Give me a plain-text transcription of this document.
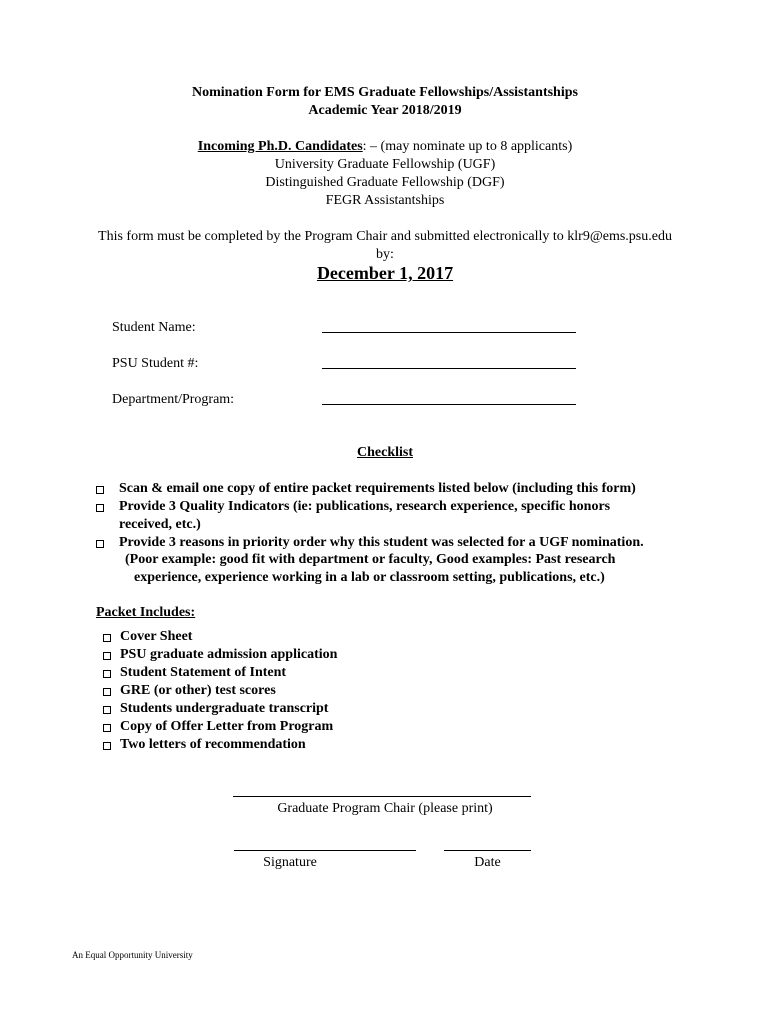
Nomination Form for EMS Graduate Fellowships/Assistantships
Academic Year 2018/2019
Incoming Ph.D. Candidates: – (may nominate up to 8 applicants)
University Graduate Fellowship (UGF)
Distinguished Graduate Fellowship (DGF)
FEGR Assistantships
This form must be completed by the Program Chair and submitted electronically to klr9@ems.psu.edu
by:
December 1, 2017
Student Name:
PSU Student #:
Department/Program:
Checklist
Scan & email one copy of entire packet requirements listed below (including this form)
Provide 3 Quality Indicators (ie: publications, research experience, specific honors
received, etc.)
Provide 3 reasons in priority order why this student was selected for a UGF nomination.
(Poor example: good fit with department or faculty, Good examples: Past research
experience, experience working in a lab or classroom setting, publications, etc.)
Packet Includes:
Cover Sheet
PSU graduate admission application
Student Statement of Intent
GRE (or other) test scores
Students undergraduate transcript
Copy of Offer Letter from Program
Two letters of recommendation
Graduate Program Chair (please print)
Signature	Date
An Equal Opportunity University
